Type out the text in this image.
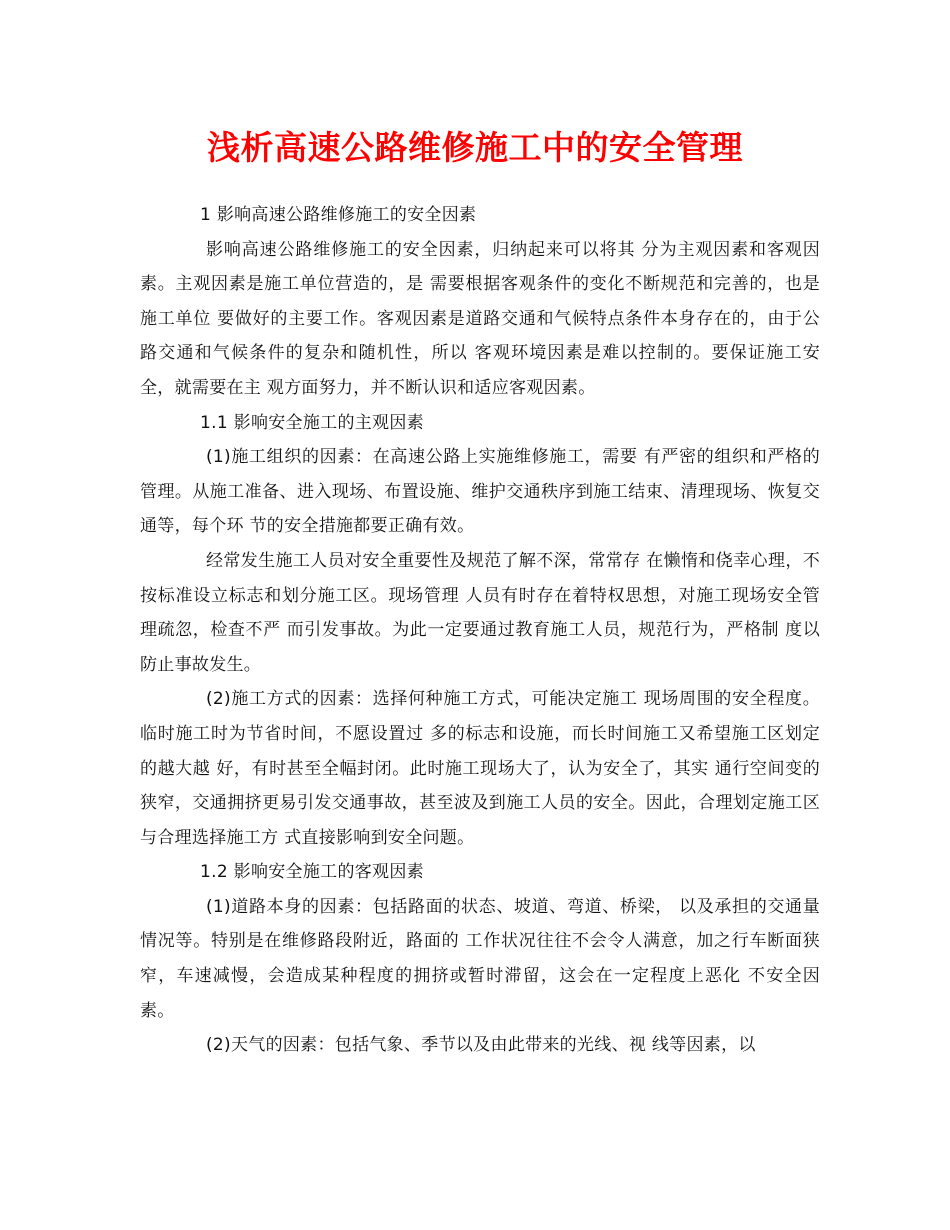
浅析高速公路维修施工中的安全管理

1 影响高速公路维修施工的安全因素

影响高速公路维修施工的安全因素，归纳起来可以将其 分为主观因素和客观因素。主观因素是施工单位营造的，是 需要根据客观条件的变化不断规范和完善的，也是施工单位 要做好的主要工作。客观因素是道路交通和气候特点条件本身存在的，由于公路交通和气候条件的复杂和随机性，所以 客观环境因素是难以控制的。要保证施工安全，就需要在主 观方面努力，并不断认识和适应客观因素。

1.1 影响安全施工的主观因素

(1)施工组织的因素：在高速公路上实施维修施工，需要 有严密的组织和严格的管理。从施工准备、进入现场、布置设施、维护交通秩序到施工结束、清理现场、恢复交通等，每个环 节的安全措施都要正确有效。

经常发生施工人员对安全重要性及规范了解不深，常常存 在懒惰和侥幸心理，不按标准设立标志和划分施工区。现场管理 人员有时存在着特权思想，对施工现场安全管理疏忽，检查不严 而引发事故。为此一定要通过教育施工人员，规范行为，严格制 度以防止事故发生。

(2)施工方式的因素：选择何种施工方式，可能决定施工 现场周围的安全程度。临时施工时为节省时间，不愿设置过 多的标志和设施，而长时间施工又希望施工区划定的越大越 好，有时甚至全幅封闭。此时施工现场大了，认为安全了，其实 通行空间变的狭窄，交通拥挤更易引发交通事故，甚至波及到施工人员的安全。因此，合理划定施工区与合理选择施工方 式直接影响到安全问题。

1.2 影响安全施工的客观因素

(1)道路本身的因素：包括路面的状态、坡道、弯道、桥梁， 以及承担的交通量情况等。特别是在维修路段附近，路面的 工作状况往往不会令人满意，加之行车断面狭窄，车速减慢，会造成某种程度的拥挤或暂时滞留，这会在一定程度上恶化 不安全因素。

(2)天气的因素：包括气象、季节以及由此带来的光线、视 线等因素，以
